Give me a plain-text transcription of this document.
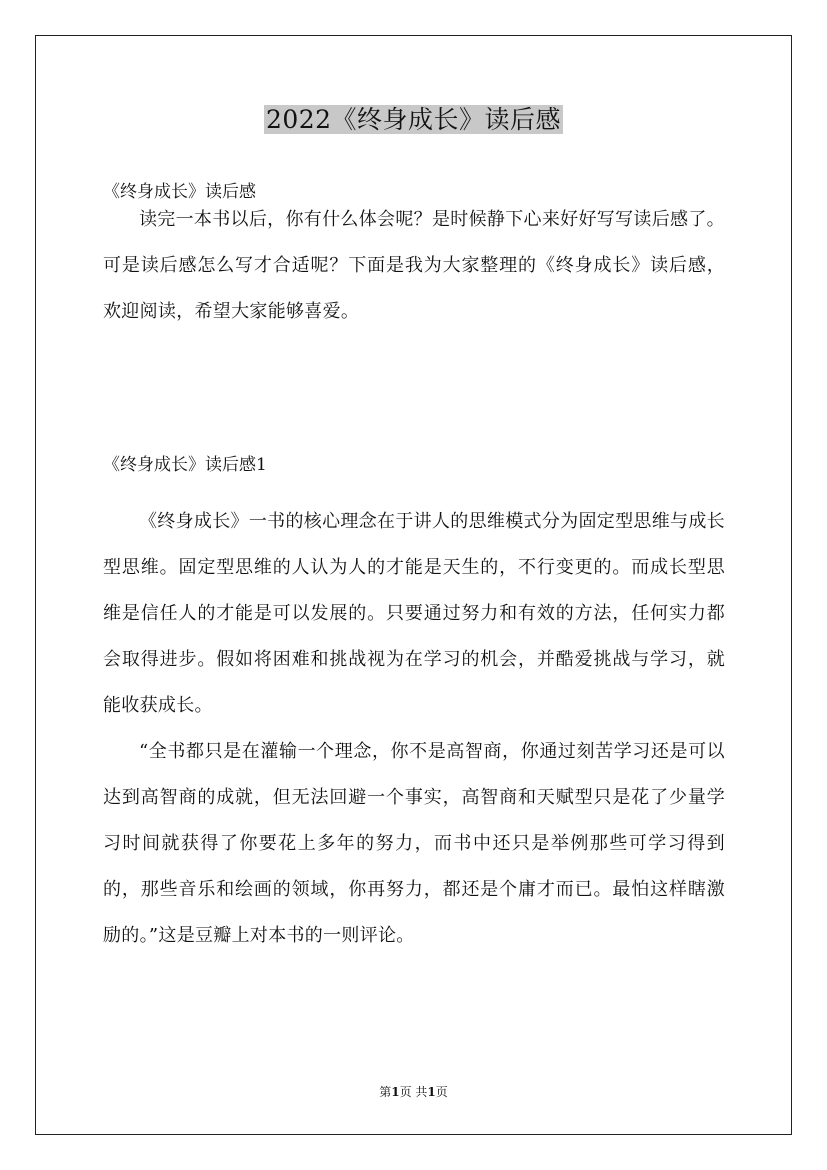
2022《终身成长》读后感

《终身成长》读后感

读完一本书以后，你有什么体会呢？是时候静下心来好好写写读后感了。可是读后感怎么写才合适呢？下面是我为大家整理的《终身成长》读后感，欢迎阅读，希望大家能够喜爱。

《终身成长》读后感1

《终身成长》一书的核心理念在于讲人的思维模式分为固定型思维与成长型思维。固定型思维的人认为人的才能是天生的，不行变更的。而成长型思维是信任人的才能是可以发展的。只要通过努力和有效的方法，任何实力都会取得进步。假如将困难和挑战视为在学习的机会，并酷爱挑战与学习，就能收获成长。

“全书都只是在灌输一个理念，你不是高智商，你通过刻苦学习还是可以达到高智商的成就，但无法回避一个事实，高智商和天赋型只是花了少量学习时间就获得了你要花上多年的努力，而书中还只是举例那些可学习得到的，那些音乐和绘画的领域，你再努力，都还是个庸才而已。最怕这样瞎激励的。”这是豆瓣上对本书的一则评论。

第1页 共1页
